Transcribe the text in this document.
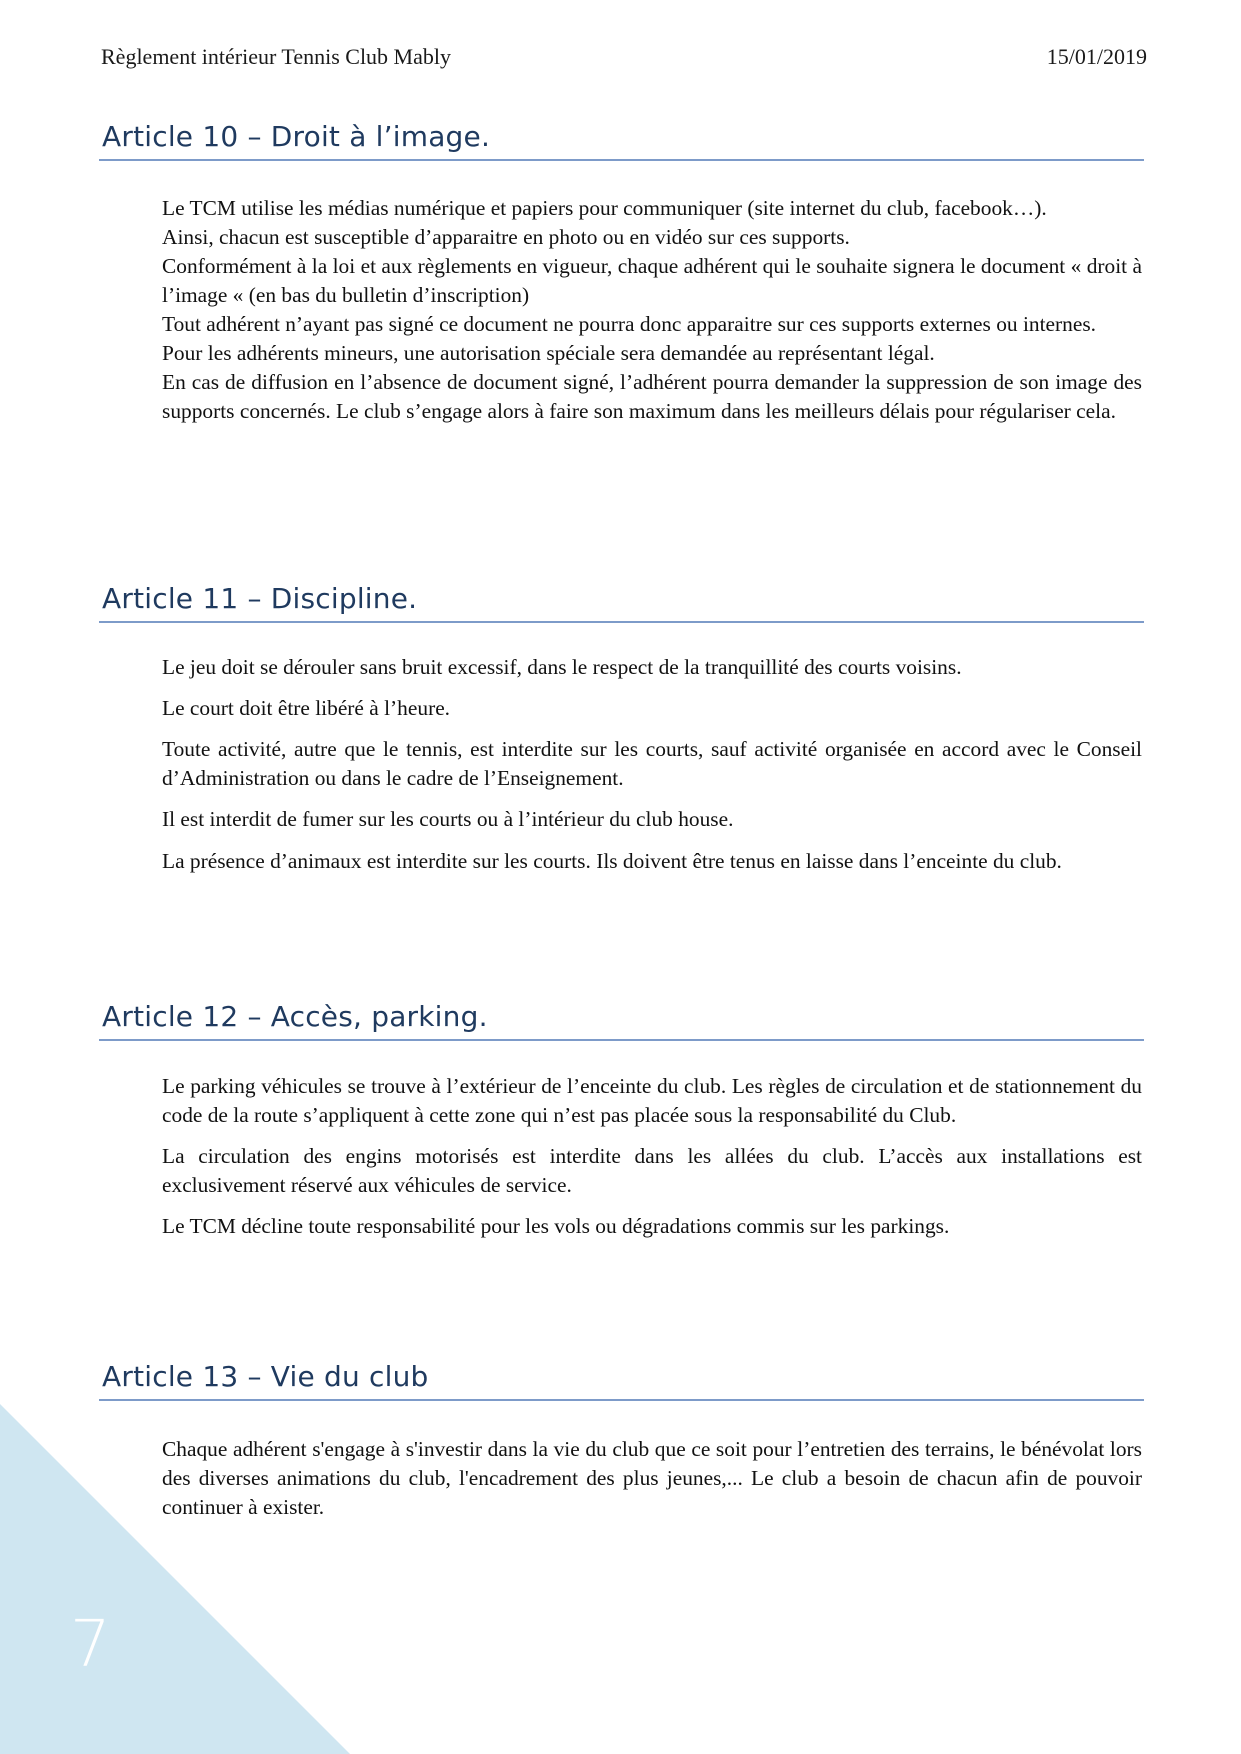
Règlement intérieur Tennis Club Mably	15/01/2019
Article 10 – Droit à l’image.

Le TCM utilise les médias numérique et papiers pour communiquer (site internet du club, facebook…).

Ainsi, chacun est susceptible d’apparaitre en photo ou en vidéo sur ces supports.

Conformément à la loi et aux règlements en vigueur, chaque adhérent qui le souhaite signera le document « droit à l’image « (en bas du bulletin d’inscription)

Tout adhérent n’ayant pas signé ce document ne pourra donc apparaitre sur ces supports externes ou internes.

Pour les adhérents mineurs, une autorisation spéciale sera demandée au représentant légal.

En cas de diffusion en l’absence de document signé, l’adhérent pourra demander la suppression de son image des supports concernés. Le club s’engage alors à faire son maximum dans les meilleurs délais pour régulariser cela.

Article 11 – Discipline.

Le jeu doit se dérouler sans bruit excessif, dans le respect de la tranquillité des courts voisins.

Le court doit être libéré à l’heure.

Toute activité, autre que le tennis, est interdite sur les courts, sauf activité organisée en accord avec le Conseil d’Administration ou dans le cadre de l’Enseignement.

Il est interdit de fumer sur les courts ou à l’intérieur du club house.

La présence d’animaux est interdite sur les courts. Ils doivent être tenus en laisse dans l’enceinte du club.

Article 12 – Accès, parking.

Le parking véhicules se trouve à l’extérieur de l’enceinte du club. Les règles de circulation et de stationnement du code de la route s’appliquent à cette zone qui n’est pas placée sous la responsabilité du Club.

La circulation des engins motorisés est interdite dans les allées du club. L’accès aux installations est exclusivement réservé aux véhicules de service.

Le TCM décline toute responsabilité pour les vols ou dégradations commis sur les parkings.

Article 13 – Vie du club

Chaque adhérent s'engage à s'investir dans la vie du club que ce soit pour l’entretien des terrains, le bénévolat lors des diverses animations du club, l'encadrement des plus jeunes,... Le club a besoin de chacun afin de pouvoir continuer à exister.

7
